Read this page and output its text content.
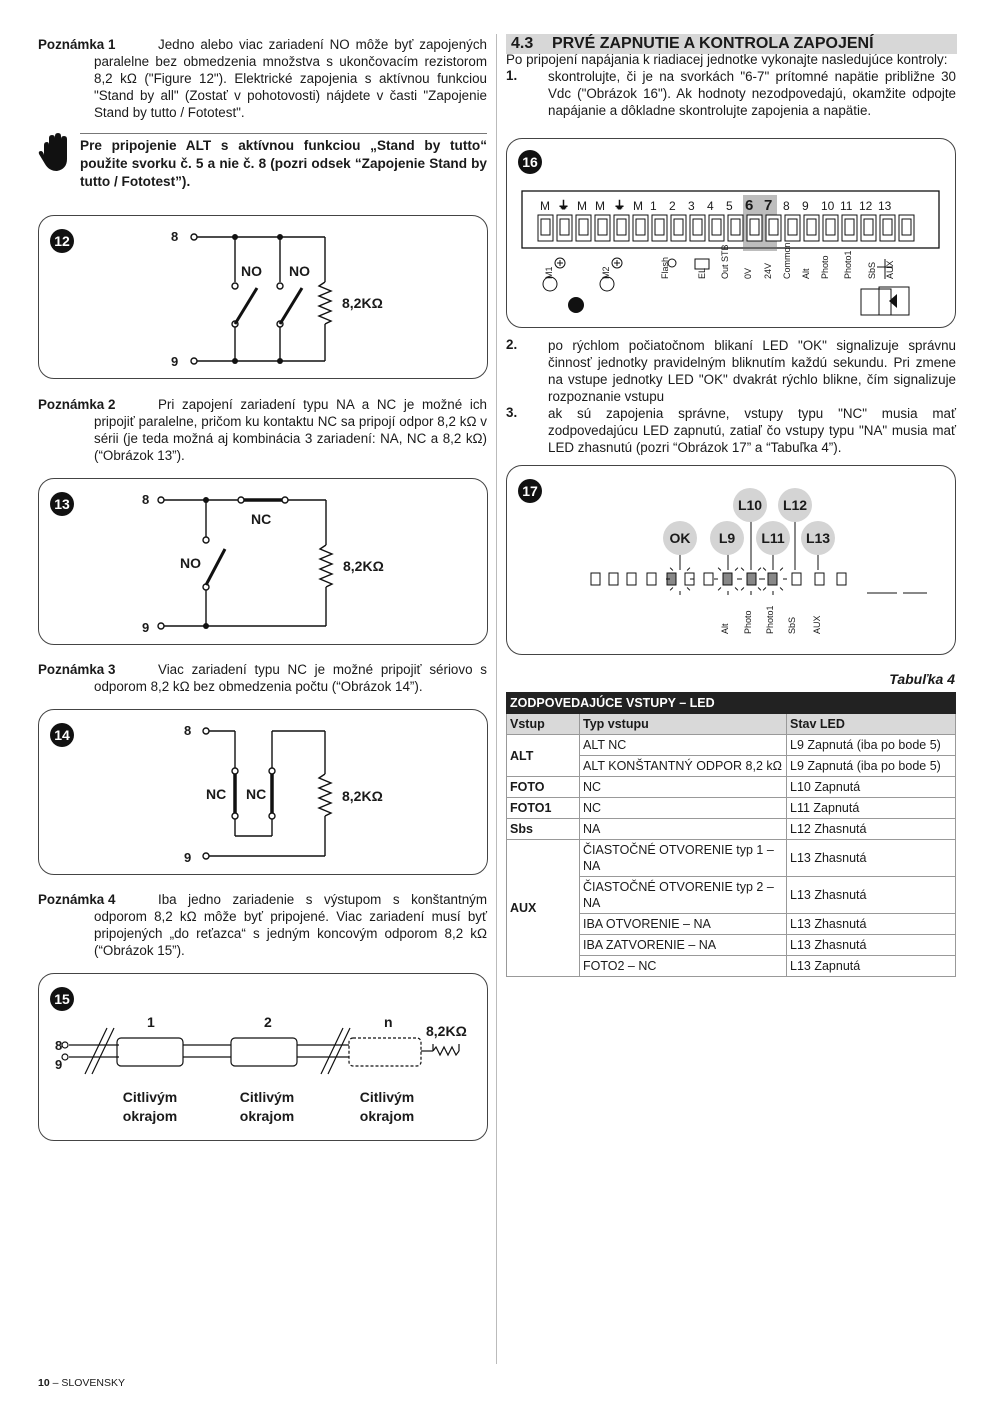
Poznámka 1	Jedno alebo viac zariadení NO môže byť zapojených paralelne bez obmedzenia množstva s ukončovacím rezistorom 8,2 kΩ ("Figure 12"). Elektrické zapojenia s aktívnou funkciou "Stand by all" (Zostať v pohotovosti) nájdete v časti "Zapojenie Stand by tutto / Fototest".

Pre pripojenie ALT s aktívnou funkciou „Stand by tutto“ použite svorku č. 5 a nie č. 8 (pozri odsek “Zapojenie Stand by tutto / Fototest”).

12	8
9
NO NO
8,2KΩ
Poznámka 2	Pri zapojení zariadení typu NA a NC je možné ich pripojiť paralelne, pričom ku kontaktu NC sa pripojí odpor 8,2 kΩ v sérii (je teda možná aj kombinácia 3 zariadení: NA, NC a 8,2 kΩ) (“Obrázok 13”).

13	8
9
NC
NO	8,2KΩ
Poznámka 3	Viac zariadení typu NC je možné pripojiť sériovo s odporom 8,2 kΩ bez obmedzenia počtu (“Obrázok 14”).

14	8
9
NC NC	8,2KΩ
Poznámka 4	Iba jedno zariadenie s výstupom s konštantným odporom 8,2 kΩ môže byť pripojené. Viac zariadení musí byť pripojených „do reťazca“ s jedným koncovým odporom 8,2 kΩ (“Obrázok 15”).

15
8
9
1	2	n
8,2KΩ
Citlivým
okrajom
Citlivým
okrajom
Citlivým
okrajom
4.3 PRVÉ ZAPNUTIE A KONTROLA ZAPOJENÍ

Po pripojení napájania k riadiacej jednotke vykonajte nasledujúce kontroly:

1. skontrolujte, či je na svorkách "6-7" prítomné napätie približne 30 Vdc ("Obrázok 16"). Ak hodnoty nezodpovedajú, okamžite odpojte napájanie a dôkladne skontrolujte zapojenia a napätie.

16
⏚	⏚
M M M M 1 2 3 4 5 6 7 8 9 10 11 12 13
M1	M2	Flash	EL Out STB 0V 24V Common Alt Photo Photo1 SbS AUX
2. po rýchlom počiatočnom blikaní LED "OK" signalizuje správnu činnosť jednotky pravidelným bliknutím každú sekundu. Pri zmene na vstupe jednotky LED "OK" dvakrát rýchlo blikne, čím signalizuje rozpoznanie vstupu

3. ak sú zapojenia správne, vstupy typu "NC" musia mať zodpovedajúcu LED zapnutú, zatiaľ čo vstupy typu "NA" musia mať LED zhasnutú (pozri “Obrázok 17” a “Tabuľka 4”).

17
L10	L12
OK	L9	L11	L13
Alt Photo Photo1 SbS AUX
Tabuľka 4
ZODPOVEDAJÚCE VSTUPY – LED		
Vstup	Typ vstupu	Stav LED
ALT	ALT NC	L9 Zapnutá (iba po bode 5)
	ALT KONŠTANTNÝ ODPOR 8,2 kΩ	L9 Zapnutá (iba po bode 5)
FOTO	NC	L10 Zapnutá
FOTO1	NC	L11 Zapnutá
Sbs	NA	L12 Zhasnutá
AUX	ČIASTOČNÉ OTVORENIE typ 1 – NA	L13 Zhasnutá
	ČIASTOČNÉ OTVORENIE typ 2 – NA	L13 Zhasnutá
	IBA OTVORENIE – NA	L13 Zhasnutá
	IBA ZATVORENIE – NA	L13 Zhasnutá
	FOTO2 – NC	L13 Zapnutá
10 – SLOVENSKY
